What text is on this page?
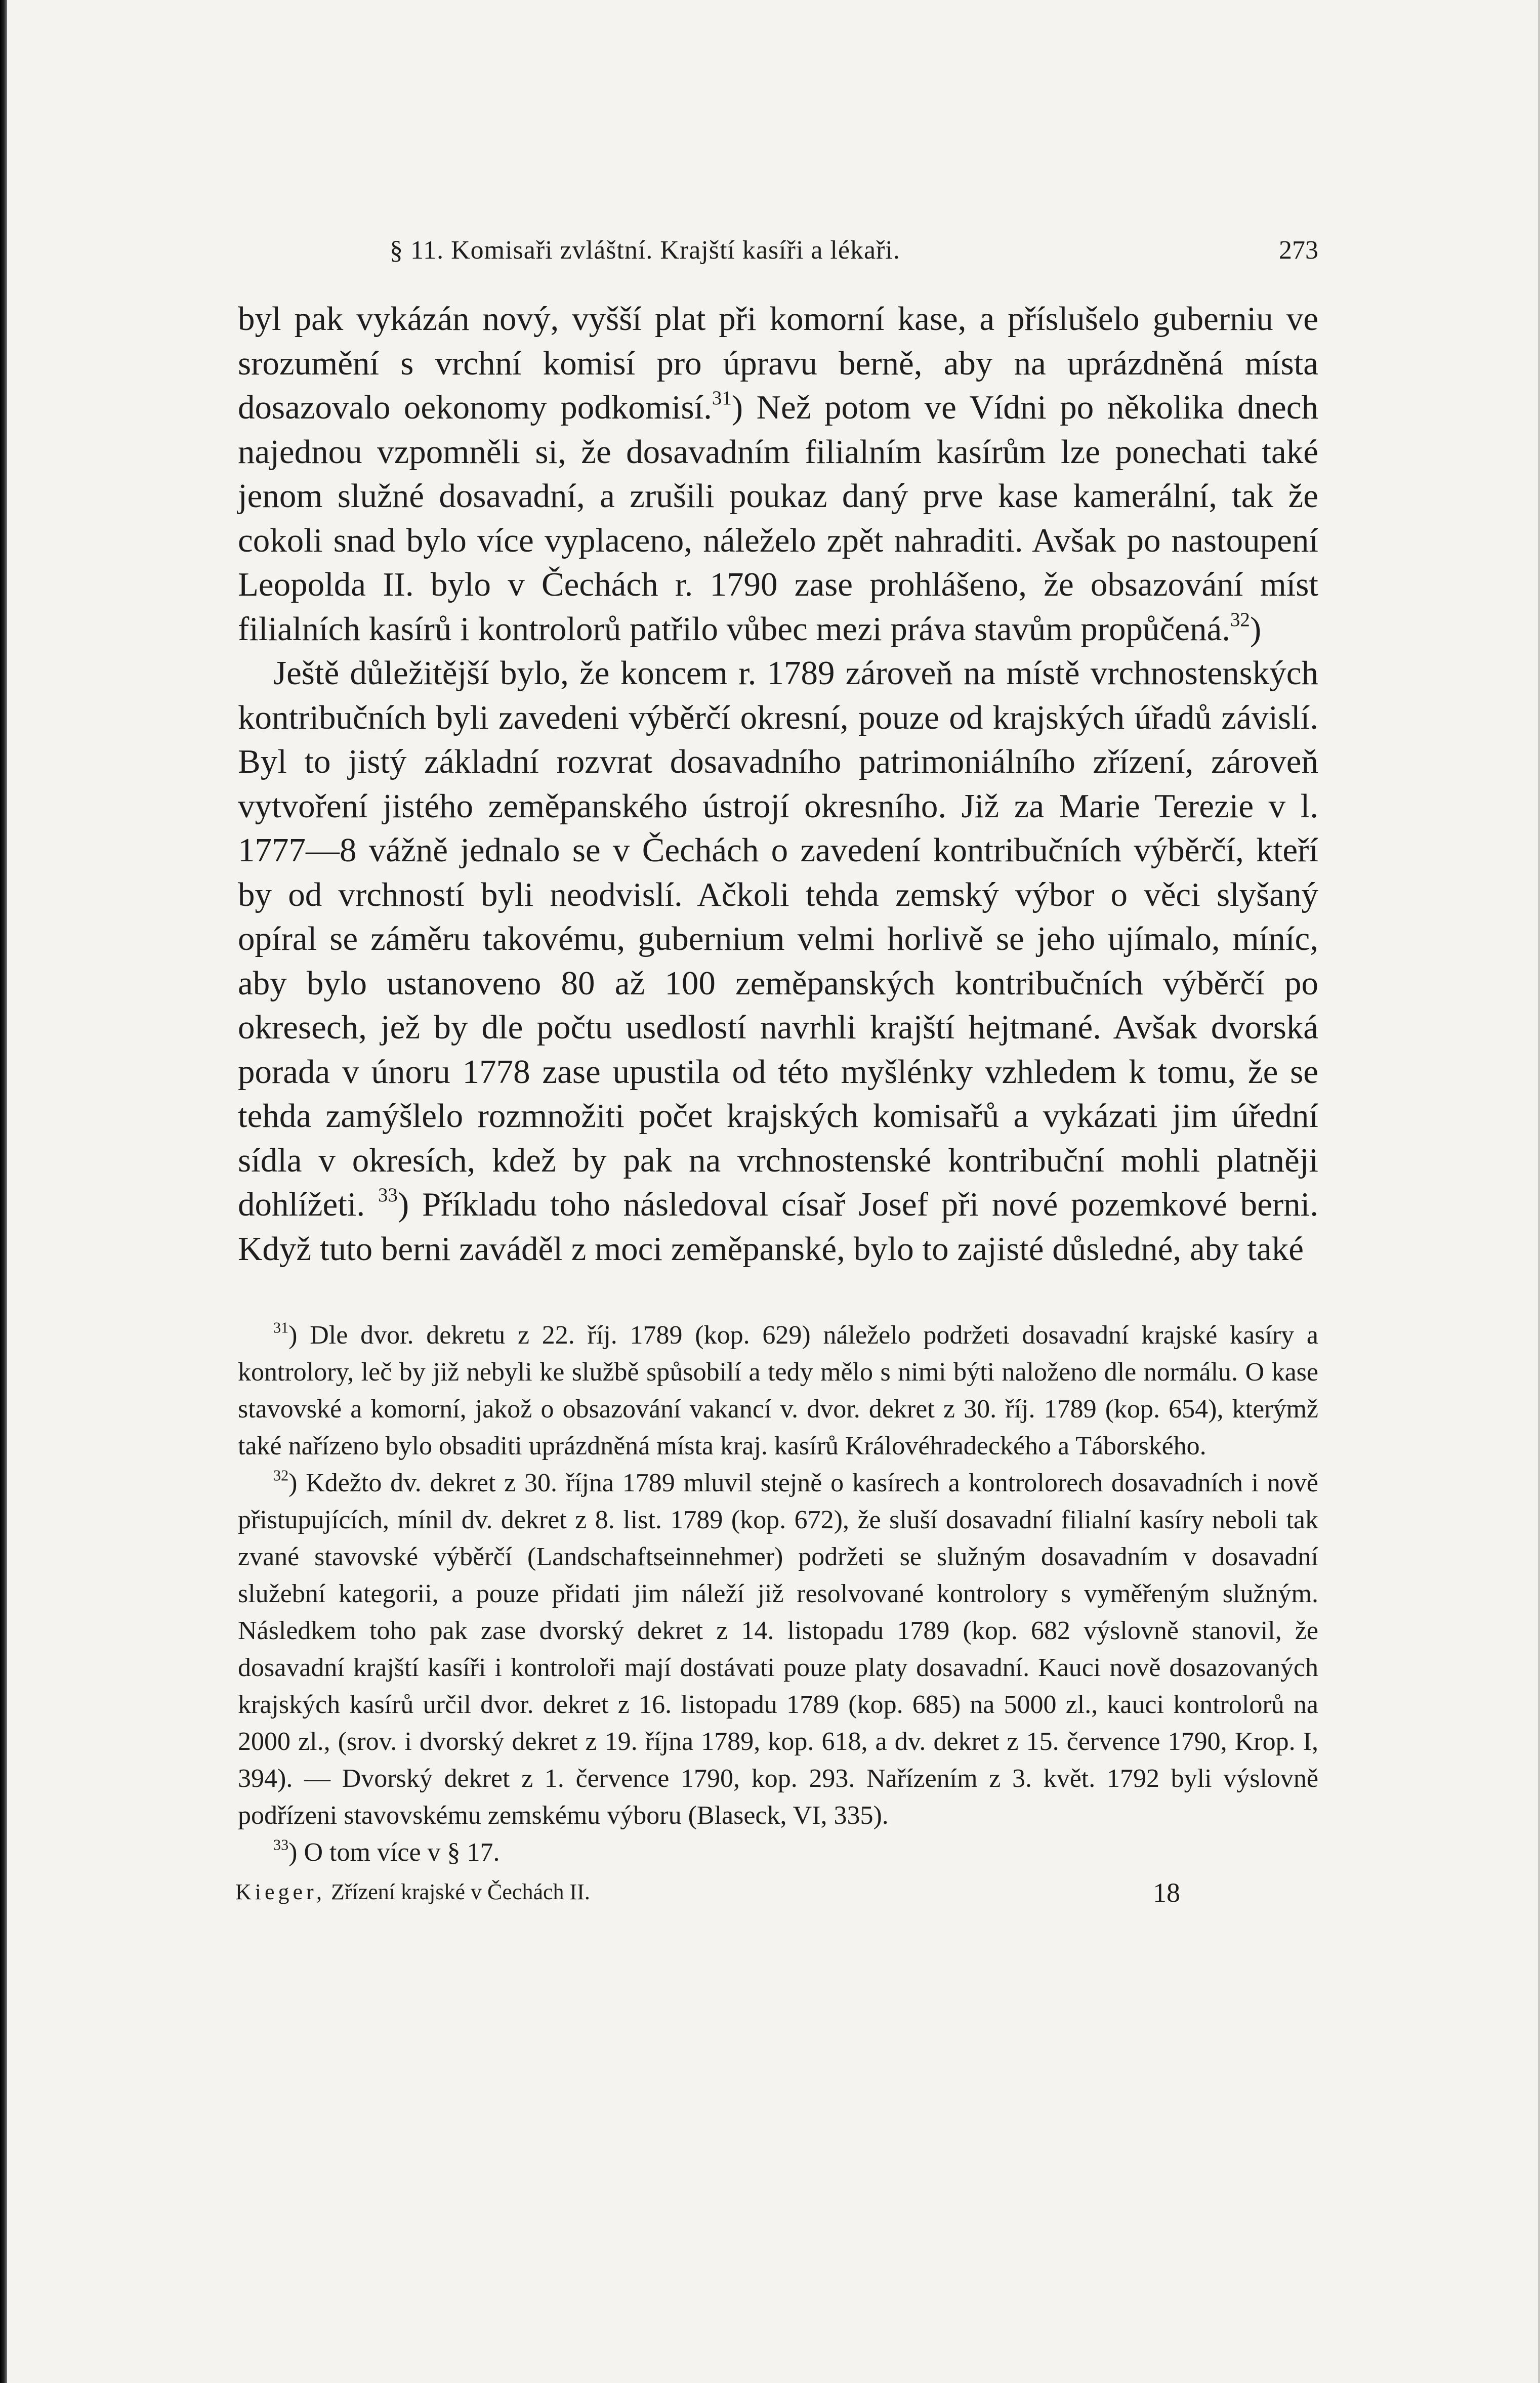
§ 11. Komisaři zvláštní. Krajští kasíři a lékaři.	273

byl pak vykázán nový, vyšší plat při komorní kase, a příslušelo guberniu ve srozumění s vrchní komisí pro úpravu berně, aby na uprázdněná místa dosazovalo oekonomy podkomisí.$^{31}$) Než potom ve Vídni po několika dnech najednou vzpomněli si, že dosavadním filialním kasírům lze ponechati také jenom služné dosavadní, a zrušili poukaz daný prve kase kamerální, tak že cokoli snad bylo více vyplaceno, náleželo zpět nahraditi. Avšak po nastoupení Leopolda II. bylo v Čechách r. 1790 zase prohlášeno, že obsazování míst filialních kasírů i kontrolorů patřilo vůbec mezi práva stavům propůčená.$^{32}$)

Ještě důležitější bylo, že koncem r. 1789 zároveň na místě vrchnostenských kontribučních byli zavedeni výběrčí okresní, pouze od krajských úřadů závislí. Byl to jistý základní rozvrat dosavadního patrimoniálního zřízení, zároveň vytvoření jistého zeměpanského ústrojí okresního. Již za Marie Terezie v l. 1777—8 vážně jednalo se v Čechách o zavedení kontribučních výběrčí, kteří by od vrchností byli neodvislí. Ačkoli tehda zemský výbor o věci slyšaný opíral se záměru takovému, gubernium velmi horlivě se jeho ujímalo, míníc, aby bylo ustanoveno 80 až 100 zeměpanských kontribučních výběrčí po okresech, jež by dle počtu usedlostí navrhli krajští hejtmané. Avšak dvorská porada v únoru 1778 zase upustila od této myšlénky vzhledem k tomu, že se tehda zamýšlelo rozmnožiti počet krajských komisařů a vykázati jim úřední sídla v okresích, kdež by pak na vrchnostenské kontribuční mohli platněji dohlížeti. $^{33}$) Příkladu toho následoval císař Josef při nové pozemkové berni. Když tuto berni zaváděl z moci zeměpanské, bylo to zajisté důsledné, aby také

$^{31}$) Dle dvor. dekretu z 22. říj. 1789 (kop. 629) náleželo podržeti dosavadní krajské kasíry a kontrolory, leč by již nebyli ke službě spůsobilí a tedy mělo s nimi býti naloženo dle normálu. O kase stavovské a komorní, jakož o obsazování vakancí v. dvor. dekret z 30. říj. 1789 (kop. 654), kterýmž také nařízeno bylo obsaditi uprázdněná místa kraj. kasírů Královéhradeckého a Táborského.

$^{32}$) Kdežto dv. dekret z 30. října 1789 mluvil stejně o kasírech a kontrolorech dosavadních i nově přistupujících, mínil dv. dekret z 8. list. 1789 (kop. 672), že sluší dosavadní filialní kasíry neboli tak zvané stavovské výběrčí (Landschaftseinnehmer) podržeti se služným dosavadním v dosavadní služební kategorii, a pouze přidati jim náleží již resolvované kontrolory s vyměřeným služným. Následkem toho pak zase dvorský dekret z 14. listopadu 1789 (kop. 682 výslovně stanovil, že dosavadní krajští kasíři i kontroloři mají dostávati pouze platy dosavadní. Kauci nově dosazovaných krajských kasírů určil dvor. dekret z 16. listopadu 1789 (kop. 685) na 5000 zl., kauci kontrolorů na 2000 zl., (srov. i dvorský dekret z 19. října 1789, kop. 618, a dv. dekret z 15. července 1790, Krop. I, 394). — Dvorský dekret z 1. července 1790, kop. 293. Nařízením z 3. květ. 1792 byli výslovně podřízeni stavovskému zemskému výboru (Blaseck, VI, 335).

$^{33}$) O tom více v § 17.

Kieger, Zřízení krajské v Čechách II.	18
